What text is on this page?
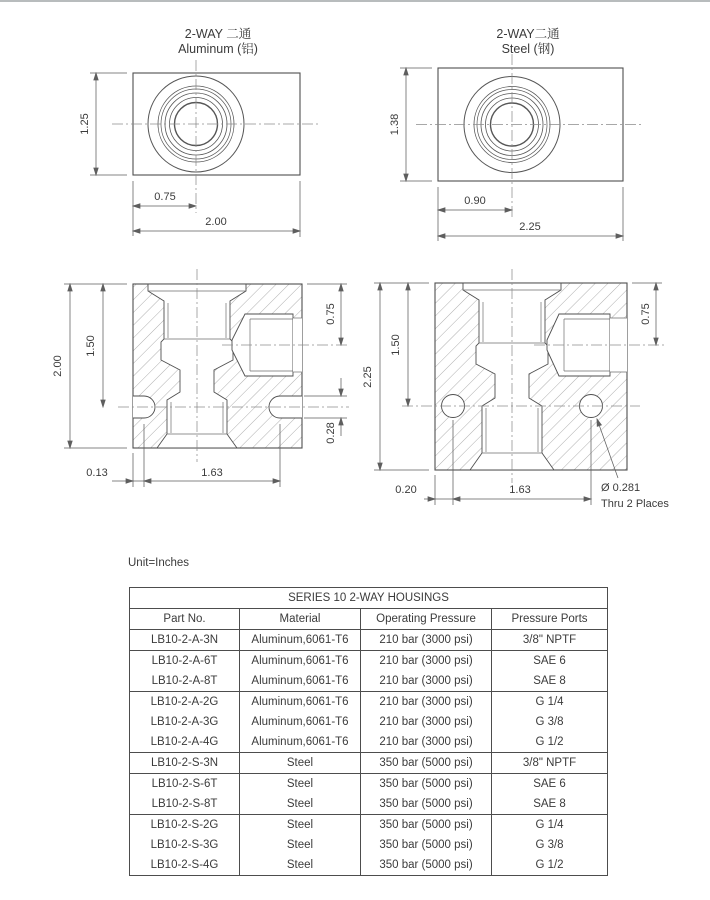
2-WAY 二通
Aluminum (铝)
1.25
0.75
2.00
2-WAY二通
Steel (钢)
1.38
0.90
2.25
2.00
1.50
0.75
0.28
0.13	1.63
2.25
1.50
0.75
0.20	1.63	Ø 0.281
Thru 2 Places
Unit=Inches
SERIES 10 2-WAY HOUSINGS			
Part No.	Material	Operating Pressure	Pressure Ports
LB10-2-A-3N	Aluminum,6061-T6	210 bar (3000 psi)	3/8" NPTF
LB10-2-A-6T	Aluminum,6061-T6	210 bar (3000 psi)	SAE 6
LB10-2-A-8T	Aluminum,6061-T6	210 bar (3000 psi)	SAE 8
LB10-2-A-2G	Aluminum,6061-T6	210 bar (3000 psi)	G 1/4
LB10-2-A-3G	Aluminum,6061-T6	210 bar (3000 psi)	G 3/8
LB10-2-A-4G	Aluminum,6061-T6	210 bar (3000 psi)	G 1/2
LB10-2-S-3N	Steel	350 bar (5000 psi)	3/8" NPTF
LB10-2-S-6T	Steel	350 bar (5000 psi)	SAE 6
LB10-2-S-8T	Steel	350 bar (5000 psi)	SAE 8
LB10-2-S-2G	Steel	350 bar (5000 psi)	G 1/4
LB10-2-S-3G	Steel	350 bar (5000 psi)	G 3/8
LB10-2-S-4G	Steel	350 bar (5000 psi)	G 1/2
